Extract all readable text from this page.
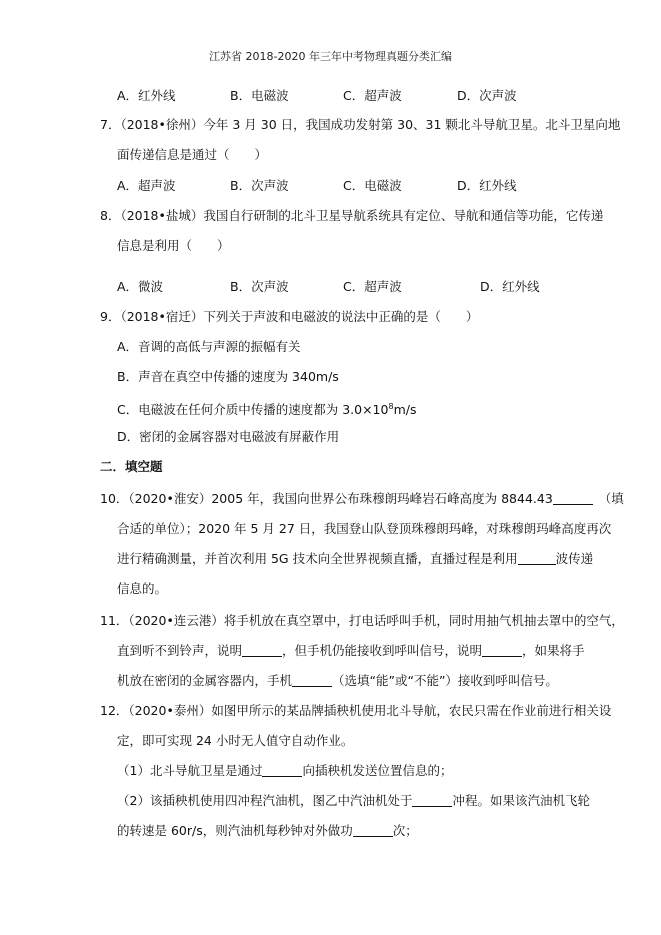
江苏省 2018-2020 年三年中考物理真题分类汇编
A．红外线	B．电磁波	C．超声波	D．次声波
7．（2018•徐州）今年 3 月 30 日，我国成功发射第 30、31 颗北斗导航卫星。北斗卫星向地
面传递信息是通过（　　）
A．超声波	B．次声波	C．电磁波	D．红外线
8．（2018•盐城）我国自行研制的北斗卫星导航系统具有定位、导航和通信等功能，它传递
信息是利用（　　）
A．微波	B．次声波	C．超声波	D．红外线
9．（2018•宿迁）下列关于声波和电磁波的说法中正确的是（　　）
A．音调的高低与声源的振幅有关
B．声音在真空中传播的速度为 340m/s
C．电磁波在任何介质中传播的速度都为 $3.0\times 10^8m/s$
D．密闭的金属容器对电磁波有屏蔽作用
二．填空题
10．（2020•淮安）2005 年，我国向世界公布珠穆朗玛峰岩石峰高度为 8844.43	（填
合适的单位）；2020 年 5 月 27 日，我国登山队登顶珠穆朗玛峰，对珠穆朗玛峰高度再次
进行精确测量，并首次利用 5G 技术向全世界视频直播，直播过程是利用	波传递
信息的。
11．（2020•连云港）将手机放在真空罩中，打电话呼叫手机，同时用抽气机抽去罩中的空气，
直到听不到铃声，说明	，但手机仍能接收到呼叫信号，说明	，如果将手
机放在密闭的金属容器内，手机	（选填“能”或“不能”）接收到呼叫信号。
12．（2020•泰州）如图甲所示的某品牌插秧机使用北斗导航，农民只需在作业前进行相关设
定，即可实现 24 小时无人值守自动作业。
（1）北斗导航卫星是通过	向插秧机发送位置信息的；
（2）该插秧机使用四冲程汽油机，图乙中汽油机处于	冲程。如果该汽油机飞轮
的转速是 60r/s，则汽油机每秒钟对外做功	次；
